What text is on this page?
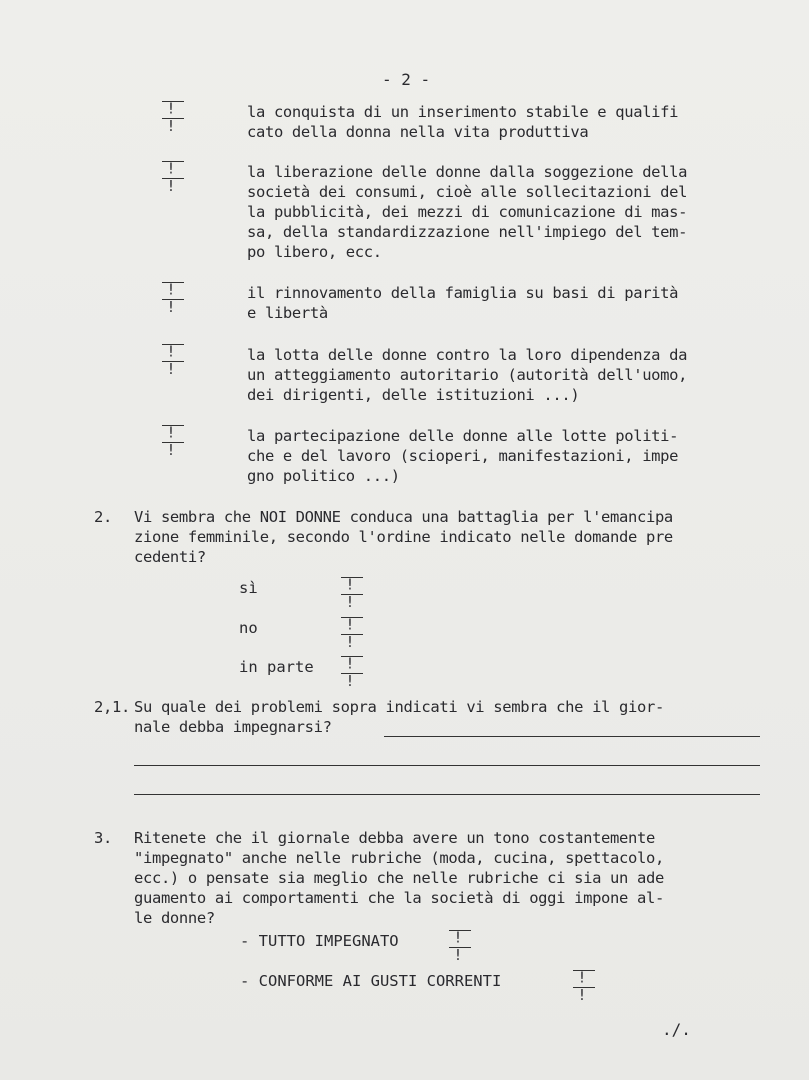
- 2 -
! !
la conquista di un inserimento stabile e qualifi
cato della donna nella vita produttiva
! !
la liberazione delle donne dalla soggezione della
società dei consumi, cioè alle sollecitazioni del
la pubblicità, dei mezzi di comunicazione di mas-
sa, della standardizzazione nell'impiego del tem-
po libero, ecc.
! !
il rinnovamento della famiglia su basi di parità
e libertà
! !
la lotta delle donne contro la loro dipendenza da
un atteggiamento autoritario (autorità dell'uomo,
dei dirigenti, delle istituzioni ...)
! !
la partecipazione delle donne alle lotte politi-
che e del lavoro (scioperi, manifestazioni, impe
gno politico ...)
2. Vi sembra che NOI DONNE conduca una battaglia per l'emancipa
zione femminile, secondo l'ordine indicato nelle domande pre
cedenti?
sì	! !
no	! !
in parte	! !
2,1. Su quale dei problemi sopra indicati vi sembra che il gior-
nale debba impegnarsi?
3. Ritenete che il giornale debba avere un tono costantemente
"impegnato" anche nelle rubriche (moda, cucina, spettacolo,
ecc.) o pensate sia meglio che nelle rubriche ci sia un ade
guamento ai comportamenti che la società di oggi impone al-
le donne?
- TUTTO IMPEGNATO	! !
- CONFORME AI GUSTI CORRENTI	! !
./.
